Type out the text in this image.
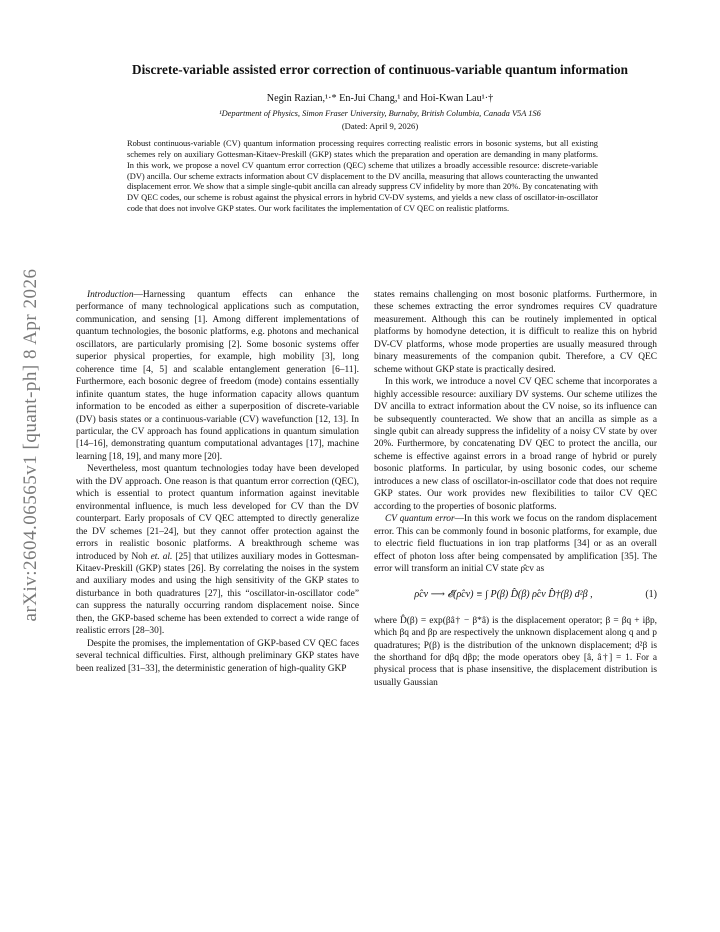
arXiv:2604.06565v1 [quant-ph] 8 Apr 2026
Discrete-variable assisted error correction of continuous-variable quantum information
Negin Razian,¹·* En-Jui Chang,¹ and Hoi-Kwan Lau¹·†
¹Department of Physics, Simon Fraser University, Burnaby, British Columbia, Canada V5A 1S6
(Dated: April 9, 2026)
Robust continuous-variable (CV) quantum information processing requires correcting realistic errors in bosonic systems, but all existing schemes rely on auxiliary Gottesman-Kitaev-Preskill (GKP) states which the preparation and operation are demanding in many platforms. In this work, we propose a novel CV quantum error correction (QEC) scheme that utilizes a broadly accessible resource: discrete-variable (DV) ancilla. Our scheme extracts information about CV displacement to the DV ancilla, measuring that allows counteracting the unwanted displacement error. We show that a simple single-qubit ancilla can already suppress CV infidelity by more than 20%. By concatenating with DV QEC codes, our scheme is robust against the physical errors in hybrid CV-DV systems, and yields a new class of oscillator-in-oscillator code that does not involve GKP states. Our work facilitates the implementation of CV QEC on realistic platforms.

Introduction—Harnessing quantum effects can enhance the performance of many technological applications such as computation, communication, and sensing [1]. Among different implementations of quantum technologies, the bosonic platforms, e.g. photons and mechanical oscillators, are particularly promising [2]. Some bosonic systems offer superior physical properties, for example, high mobility [3], long coherence time [4, 5] and scalable entanglement generation [6–11]. Furthermore, each bosonic degree of freedom (mode) contains essentially infinite quantum states, the huge information capacity allows quantum information to be encoded as either a superposition of discrete-variable (DV) basis states or a continuous-variable (CV) wavefunction [12, 13]. In particular, the CV approach has found applications in quantum simulation [14–16], demonstrating quantum computational advantages [17], machine learning [18, 19], and many more [20].

Nevertheless, most quantum technologies today have been developed with the DV approach. One reason is that quantum error correction (QEC), which is essential to protect quantum information against inevitable environmental influence, is much less developed for CV than the DV counterpart. Early proposals of CV QEC attempted to directly generalize the DV schemes [21–24], but they cannot offer protection against the errors in realistic bosonic platforms. A breakthrough scheme was introduced by Noh et. al. [25] that utilizes auxiliary modes in Gottesman-Kitaev-Preskill (GKP) states [26]. By correlating the noises in the system and auxiliary modes and using the high sensitivity of the GKP states to disturbance in both quadratures [27], this “oscillator-in-oscillator code” can suppress the naturally occurring random displacement noise. Since then, the GKP-based scheme has been extended to correct a wide range of realistic errors [28–30].

Despite the promises, the implementation of GKP-based CV QEC faces several technical difficulties. First, although preliminary GKP states have been realized [31–33], the deterministic generation of high-quality GKP

states remains challenging on most bosonic platforms. Furthermore, in these schemes extracting the error syndromes requires CV quadrature measurement. Although this can be routinely implemented in optical platforms by homodyne detection, it is difficult to realize this on hybrid DV-CV platforms, whose mode properties are usually measured through binary measurements of the companion qubit. Therefore, a CV QEC scheme without GKP state is practically desired.

In this work, we introduce a novel CV QEC scheme that incorporates a highly accessible resource: auxiliary DV systems. Our scheme utilizes the DV ancilla to extract information about the CV noise, so its influence can be subsequently counteracted. We show that an ancilla as simple as a single qubit can already suppress the infidelity of a noisy CV state by over 20%. Furthermore, by concatenating DV QEC to protect the ancilla, our scheme is effective against errors in a broad range of hybrid or purely bosonic platforms. In particular, by using bosonic codes, our scheme introduces a new class of oscillator-in-oscillator code that does not require GKP states. Our work provides new flexibilities to tailor CV QEC according to the properties of bosonic platforms.

CV quantum error—In this work we focus on the random displacement error. This can be commonly found in bosonic platforms, for example, due to electric field fluctuations in ion trap platforms [34] or as an overall effect of photon loss after being compensated by amplification [35]. The error will transform an initial CV state ρ̂cv as

ρ̂cv ⟶ 𝓔(ρ̂cv) ≡ ∫ P(β) D̂(β) ρ̂cv D̂†(β) d²β ,	(1)

where D̂(β) = exp(βâ† − β*â) is the displacement operator; β = βq + iβp, which βq and βp are respectively the unknown displacement along q and p quadratures; P(β) is the distribution of the unknown displacement; d²β is the shorthand for dβq dβp; the mode operators obey [â, â†] = 1. For a physical process that is phase insensitive, the displacement distribution is usually Gaussian
